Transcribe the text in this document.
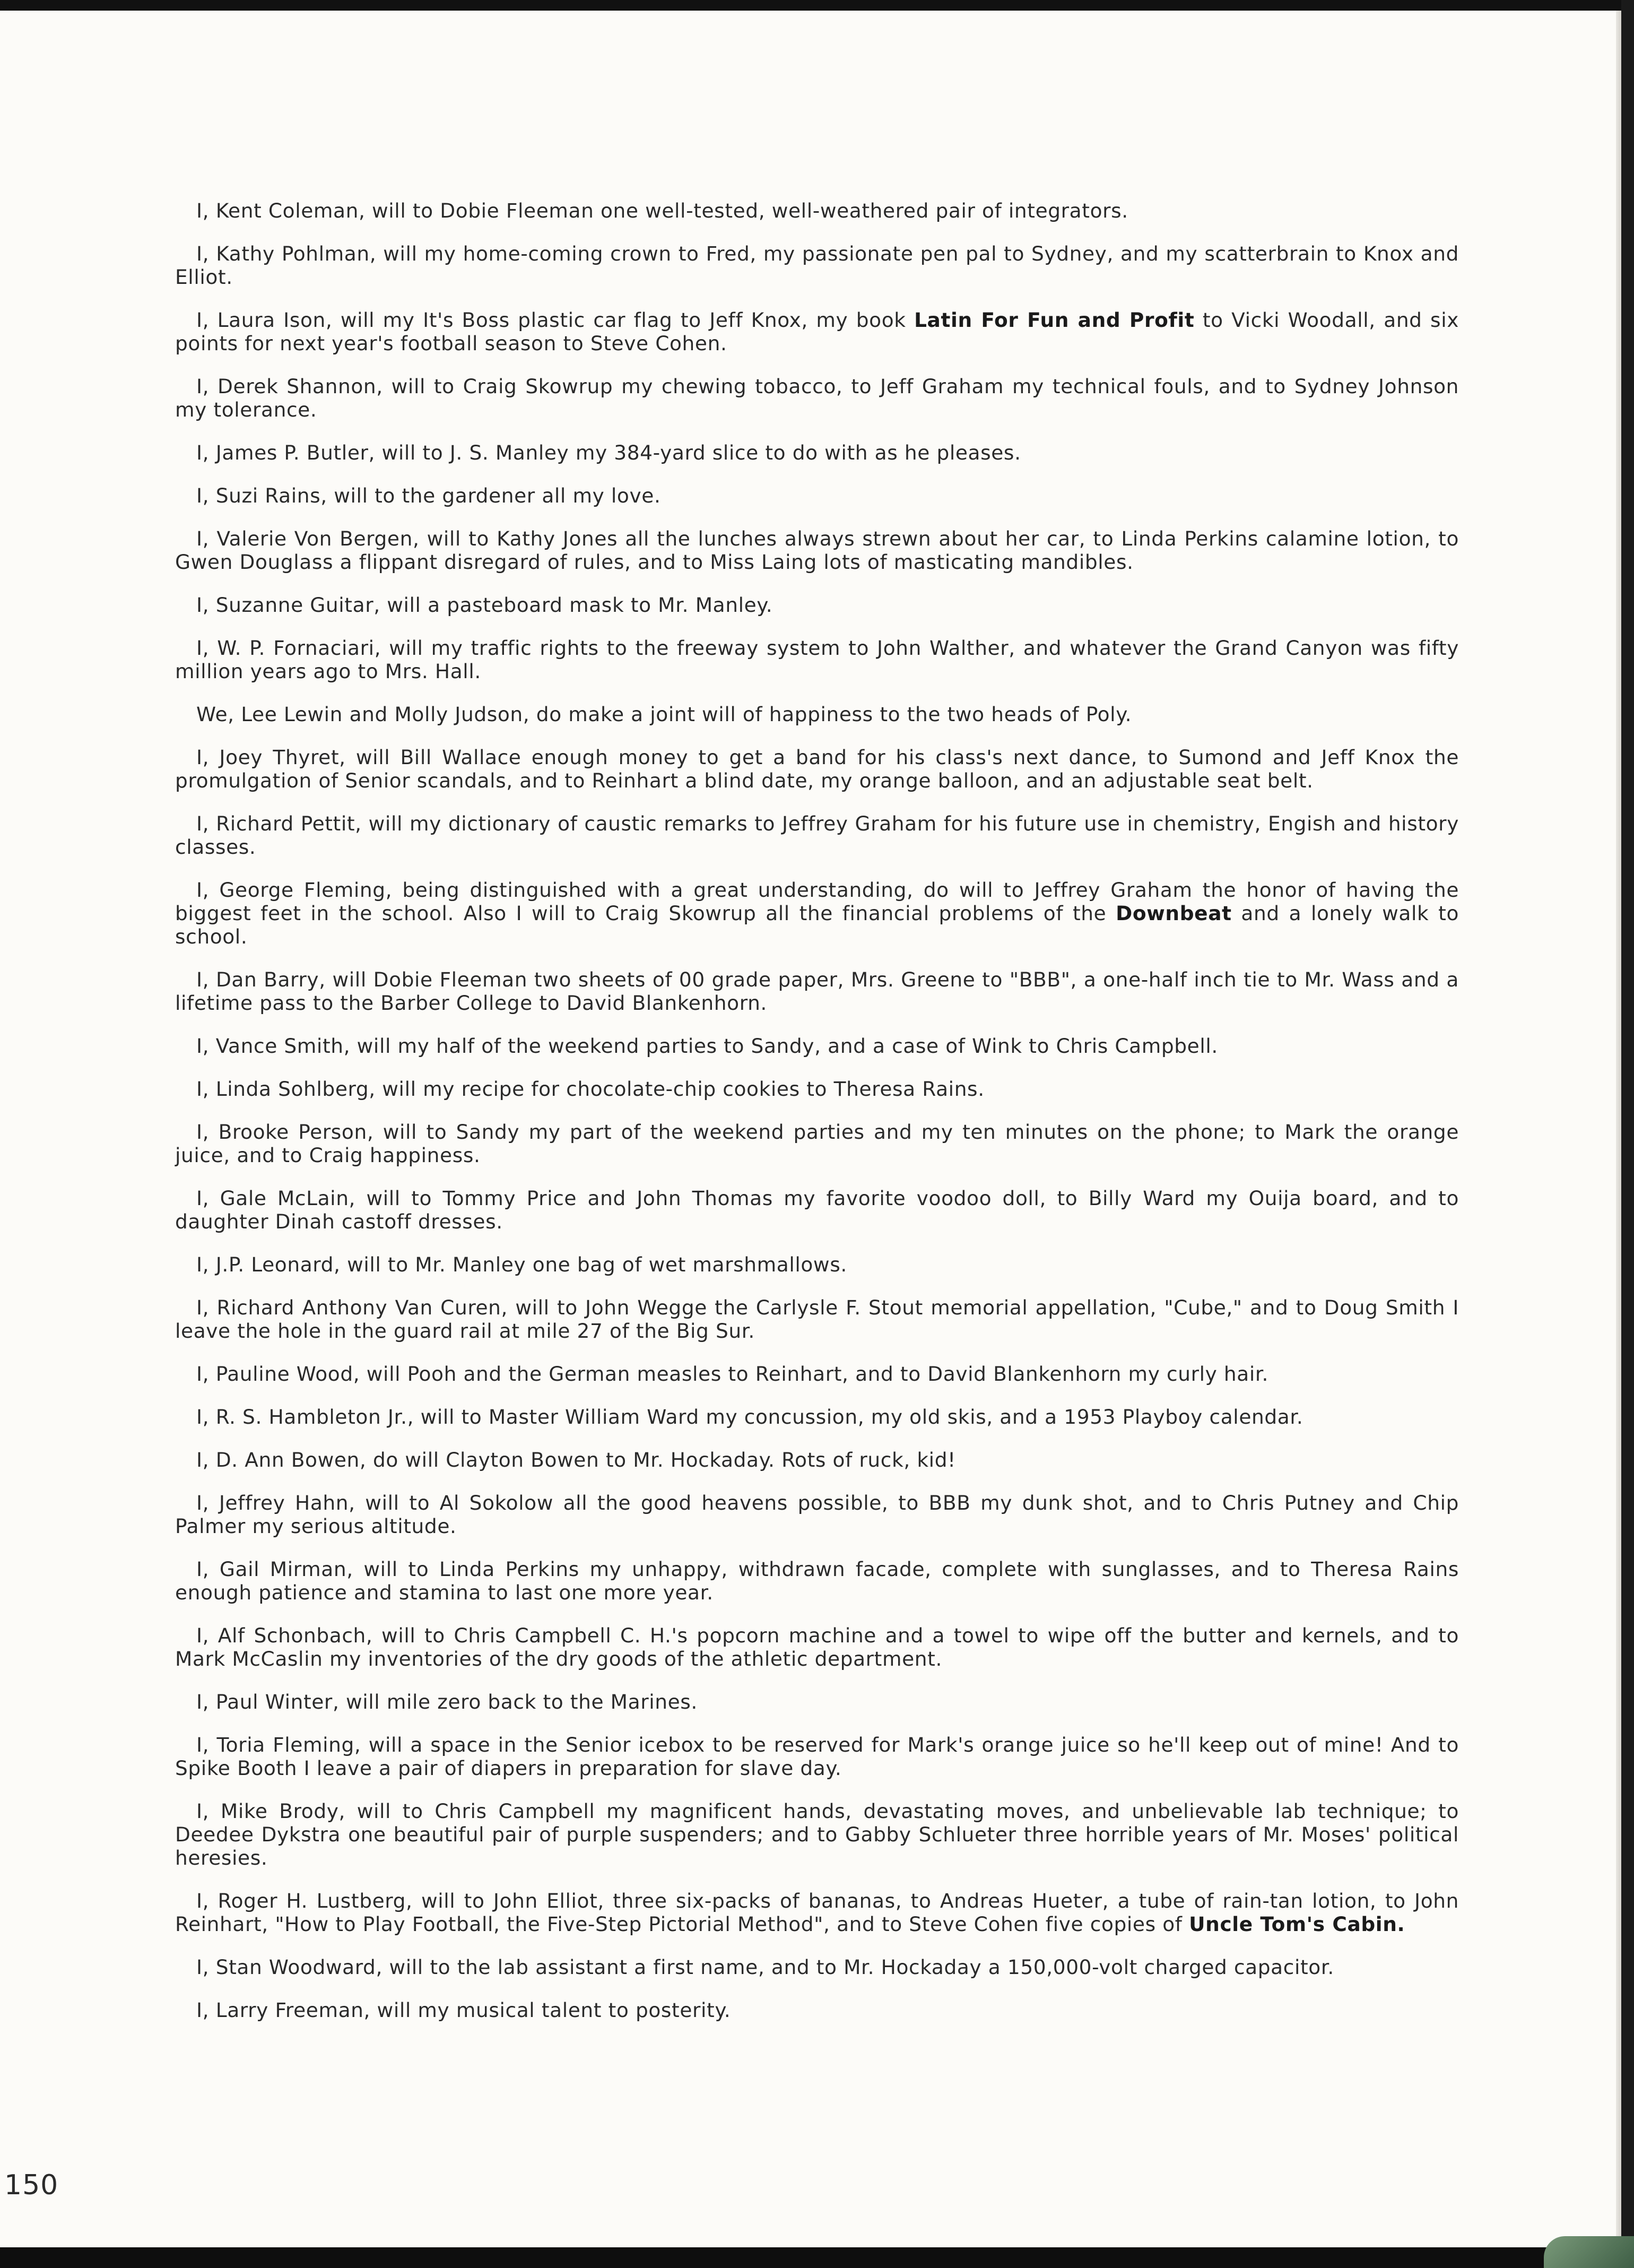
I, Kent Coleman, will to Dobie Fleeman one well-tested, well-weathered pair of integrators.

I, Kathy Pohlman, will my home-coming crown to Fred, my passionate pen pal to Sydney, and my scatterbrain to Knox and Elliot.

I, Laura Ison, will my It's Boss plastic car flag to Jeff Knox, my book Latin For Fun and Profit to Vicki Woodall, and six points for next year's football season to Steve Cohen.

I, Derek Shannon, will to Craig Skowrup my chewing tobacco, to Jeff Graham my technical fouls, and to Sydney Johnson my tolerance.

I, James P. Butler, will to J. S. Manley my 384-yard slice to do with as he pleases.

I, Suzi Rains, will to the gardener all my love.

I, Valerie Von Bergen, will to Kathy Jones all the lunches always strewn about her car, to Linda Perkins calamine lotion, to Gwen Douglass a flippant disregard of rules, and to Miss Laing lots of masticating mandibles.

I, Suzanne Guitar, will a pasteboard mask to Mr. Manley.

I, W. P. Fornaciari, will my traffic rights to the freeway system to John Walther, and whatever the Grand Canyon was fifty million years ago to Mrs. Hall.

We, Lee Lewin and Molly Judson, do make a joint will of happiness to the two heads of Poly.

I, Joey Thyret, will Bill Wallace enough money to get a band for his class's next dance, to Sumond and Jeff Knox the promulgation of Senior scandals, and to Reinhart a blind date, my orange balloon, and an adjustable seat belt.

I, Richard Pettit, will my dictionary of caustic remarks to Jeffrey Graham for his future use in chemistry, Engish and history classes.

I, George Fleming, being distinguished with a great understanding, do will to Jeffrey Graham the honor of having the biggest feet in the school. Also I will to Craig Skowrup all the financial problems of the Downbeat and a lonely walk to school.

I, Dan Barry, will Dobie Fleeman two sheets of 00 grade paper, Mrs. Greene to "BBB", a one-half inch tie to Mr. Wass and a lifetime pass to the Barber College to David Blankenhorn.

I, Vance Smith, will my half of the weekend parties to Sandy, and a case of Wink to Chris Campbell.

I, Linda Sohlberg, will my recipe for chocolate-chip cookies to Theresa Rains.

I, Brooke Person, will to Sandy my part of the weekend parties and my ten minutes on the phone; to Mark the orange juice, and to Craig happiness.

I, Gale McLain, will to Tommy Price and John Thomas my favorite voodoo doll, to Billy Ward my Ouija board, and to daughter Dinah castoff dresses.

I, J.P. Leonard, will to Mr. Manley one bag of wet marshmallows.

I, Richard Anthony Van Curen, will to John Wegge the Carlysle F. Stout memorial appellation, "Cube," and to Doug Smith I leave the hole in the guard rail at mile 27 of the Big Sur.

I, Pauline Wood, will Pooh and the German measles to Reinhart, and to David Blankenhorn my curly hair.

I, R. S. Hambleton Jr., will to Master William Ward my concussion, my old skis, and a 1953 Playboy calendar.

I, D. Ann Bowen, do will Clayton Bowen to Mr. Hockaday. Rots of ruck, kid!

I, Jeffrey Hahn, will to Al Sokolow all the good heavens possible, to BBB my dunk shot, and to Chris Putney and Chip Palmer my serious altitude.

I, Gail Mirman, will to Linda Perkins my unhappy, withdrawn facade, complete with sunglasses, and to Theresa Rains enough patience and stamina to last one more year.

I, Alf Schonbach, will to Chris Campbell C. H.'s popcorn machine and a towel to wipe off the butter and kernels, and to Mark McCaslin my inventories of the dry goods of the athletic department.

I, Paul Winter, will mile zero back to the Marines.

I, Toria Fleming, will a space in the Senior icebox to be reserved for Mark's orange juice so he'll keep out of mine! And to Spike Booth I leave a pair of diapers in preparation for slave day.

I, Mike Brody, will to Chris Campbell my magnificent hands, devastating moves, and unbelievable lab technique; to Deedee Dykstra one beautiful pair of purple suspenders; and to Gabby Schlueter three horrible years of Mr. Moses' political heresies.

I, Roger H. Lustberg, will to John Elliot, three six-packs of bananas, to Andreas Hueter, a tube of rain-tan lotion, to John Reinhart, "How to Play Football, the Five-Step Pictorial Method", and to Steve Cohen five copies of Uncle Tom's Cabin.

I, Stan Woodward, will to the lab assistant a first name, and to Mr. Hockaday a 150,000-volt charged capacitor.

I, Larry Freeman, will my musical talent to posterity.

150
